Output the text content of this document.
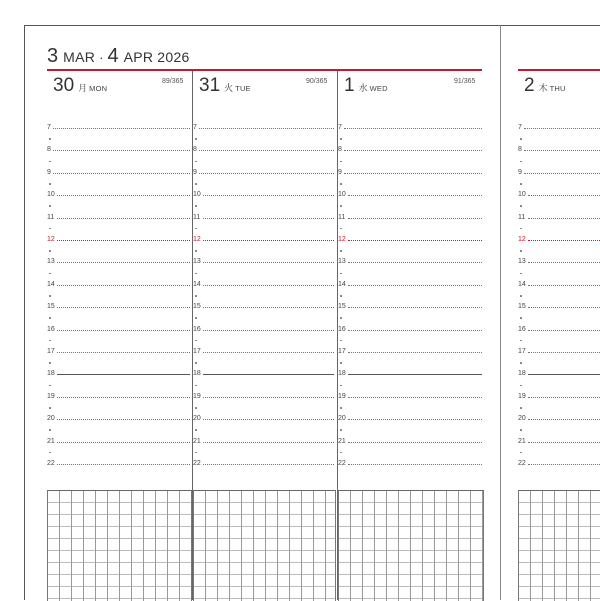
3 MAR · 4 APR 2026
30 月 MON
89/365
7
8
9
10
11
12
13
14
15
16
17
18
19
20
21
22
31 火 TUE
90/365
7
8
9
10
11
12
13
14
15
16
17
18
19
20
21
22
1 水 WED
91/365
7
8
9
10
11
12
13
14
15
16
17
18
19
20
21
22
2 木 THU
7
8
9
10
11
12
13
14
15
16
17
18
19
20
21
22
